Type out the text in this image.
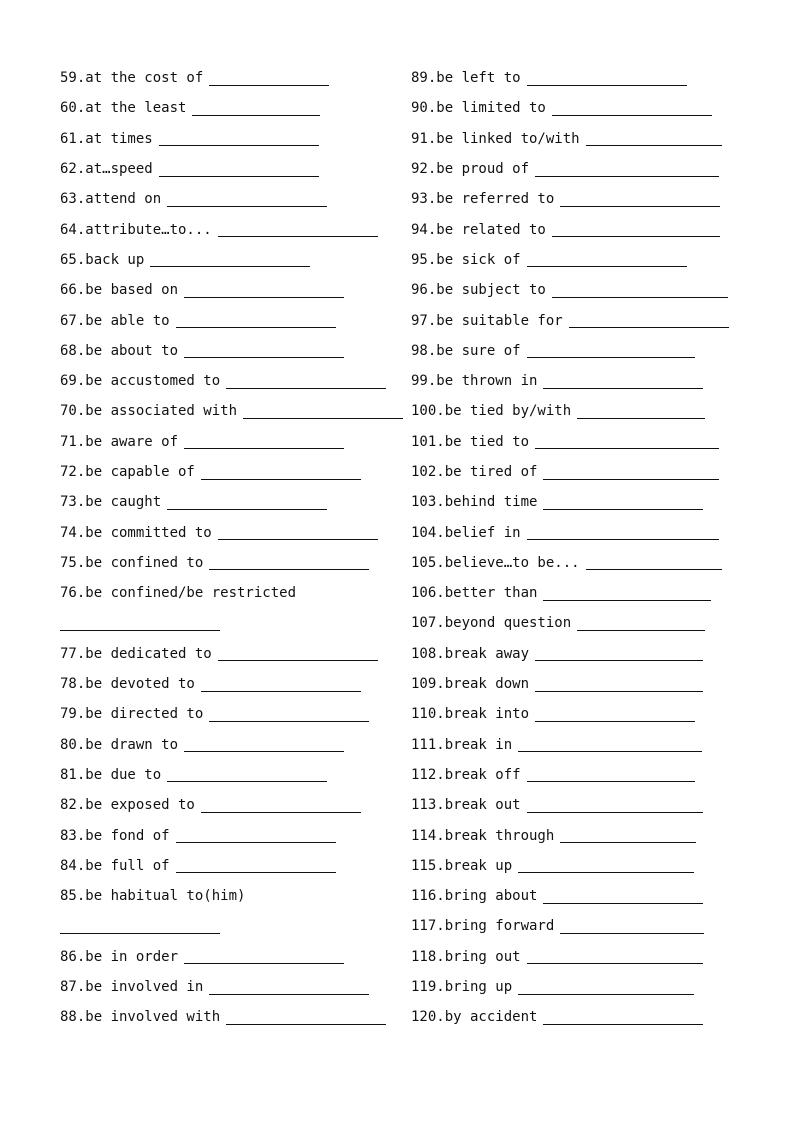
59.at the cost of
60.at the least
61.at times
62.at…speed
63.attend on
64.attribute…to...
65.back up
66.be based on
67.be able to
68.be about to
69.be accustomed to
70.be associated with
71.be aware of
72.be capable of
73.be caught
74.be committed to
75.be confined to
76.be confined/be restricted
77.be dedicated to
78.be devoted to
79.be directed to
80.be drawn to
81.be due to
82.be exposed to
83.be fond of
84.be full of
85.be habitual to(him)
86.be in order
87.be involved in
88.be involved with
89.be left to
90.be limited to
91.be linked to/with
92.be proud of
93.be referred to
94.be related to
95.be sick of
96.be subject to
97.be suitable for
98.be sure of
99.be thrown in
100.be tied by/with
101.be tied to
102.be tired of
103.behind time
104.belief in
105.believe…to be...
106.better than
107.beyond question
108.break away
109.break down
110.break into
111.break in
112.break off
113.break out
114.break through
115.break up
116.bring about
117.bring forward
118.bring out
119.bring up
120.by accident
